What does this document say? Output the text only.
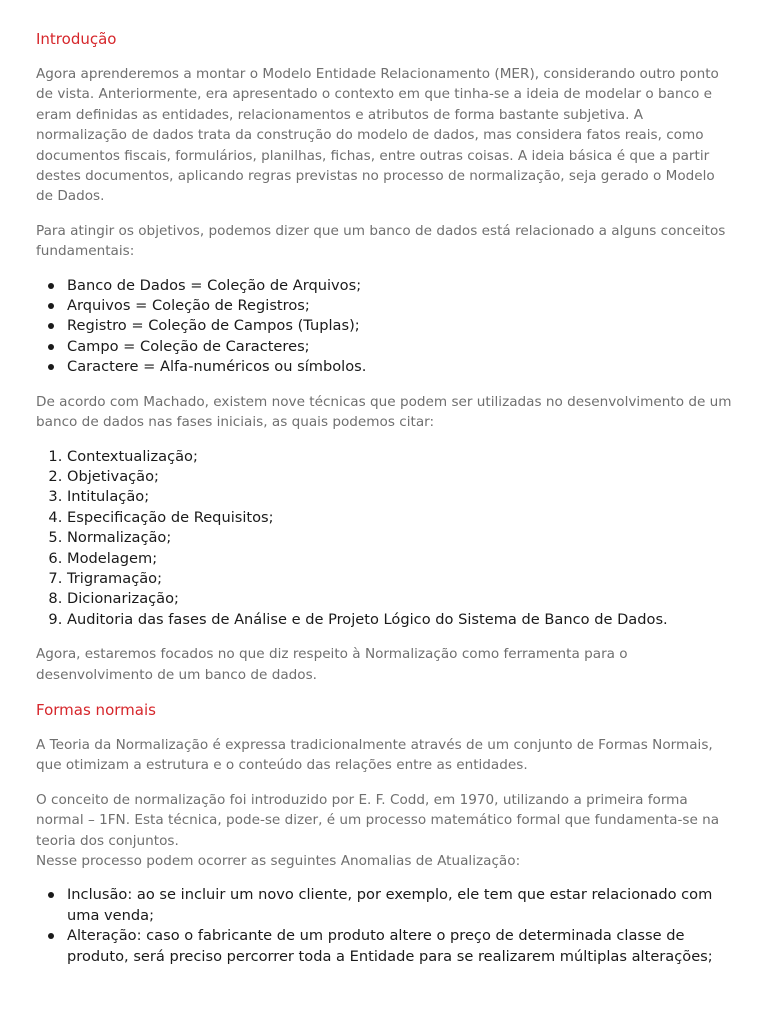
Introdução

Agora aprenderemos a montar o Modelo Entidade Relacionamento (MER), considerando outro ponto de vista. Anteriormente, era apresentado o contexto em que tinha-se a ideia de modelar o banco e eram definidas as entidades, relacionamentos e atributos de forma bastante subjetiva. A normalização de dados trata da construção do modelo de dados, mas considera fatos reais, como documentos fiscais, formulários, planilhas, fichas, entre outras coisas. A ideia básica é que a partir destes documentos, aplicando regras previstas no processo de normalização, seja gerado o Modelo de Dados.

Para atingir os objetivos, podemos dizer que um banco de dados está relacionado a alguns conceitos fundamentais:

Banco de Dados = Coleção de Arquivos;
Arquivos = Coleção de Registros;
Registro = Coleção de Campos (Tuplas);
Campo = Coleção de Caracteres;
Caractere = Alfa-numéricos ou símbolos.

De acordo com Machado, existem nove técnicas que podem ser utilizadas no desenvolvimento de um banco de dados nas fases iniciais, as quais podemos citar:

1. Contextualização;
2. Objetivação;
3. Intitulação;
4. Especificação de Requisitos;
5. Normalização;
6. Modelagem;
7. Trigramação;
8. Dicionarização;
9. Auditoria das fases de Análise e de Projeto Lógico do Sistema de Banco de Dados.

Agora, estaremos focados no que diz respeito à Normalização como ferramenta para o desenvolvimento de um banco de dados.

Formas normais

A Teoria da Normalização é expressa tradicionalmente através de um conjunto de Formas Normais, que otimizam a estrutura e o conteúdo das relações entre as entidades.

O conceito de normalização foi introduzido por E. F. Codd, em 1970, utilizando a primeira forma normal – 1FN. Esta técnica, pode-se dizer, é um processo matemático formal que fundamenta-se na teoria dos conjuntos.
Nesse processo podem ocorrer as seguintes Anomalias de Atualização:

Inclusão: ao se incluir um novo cliente, por exemplo, ele tem que estar relacionado com uma venda;
Alteração: caso o fabricante de um produto altere o preço de determinada classe de produto, será preciso percorrer toda a Entidade para se realizarem múltiplas alterações;
